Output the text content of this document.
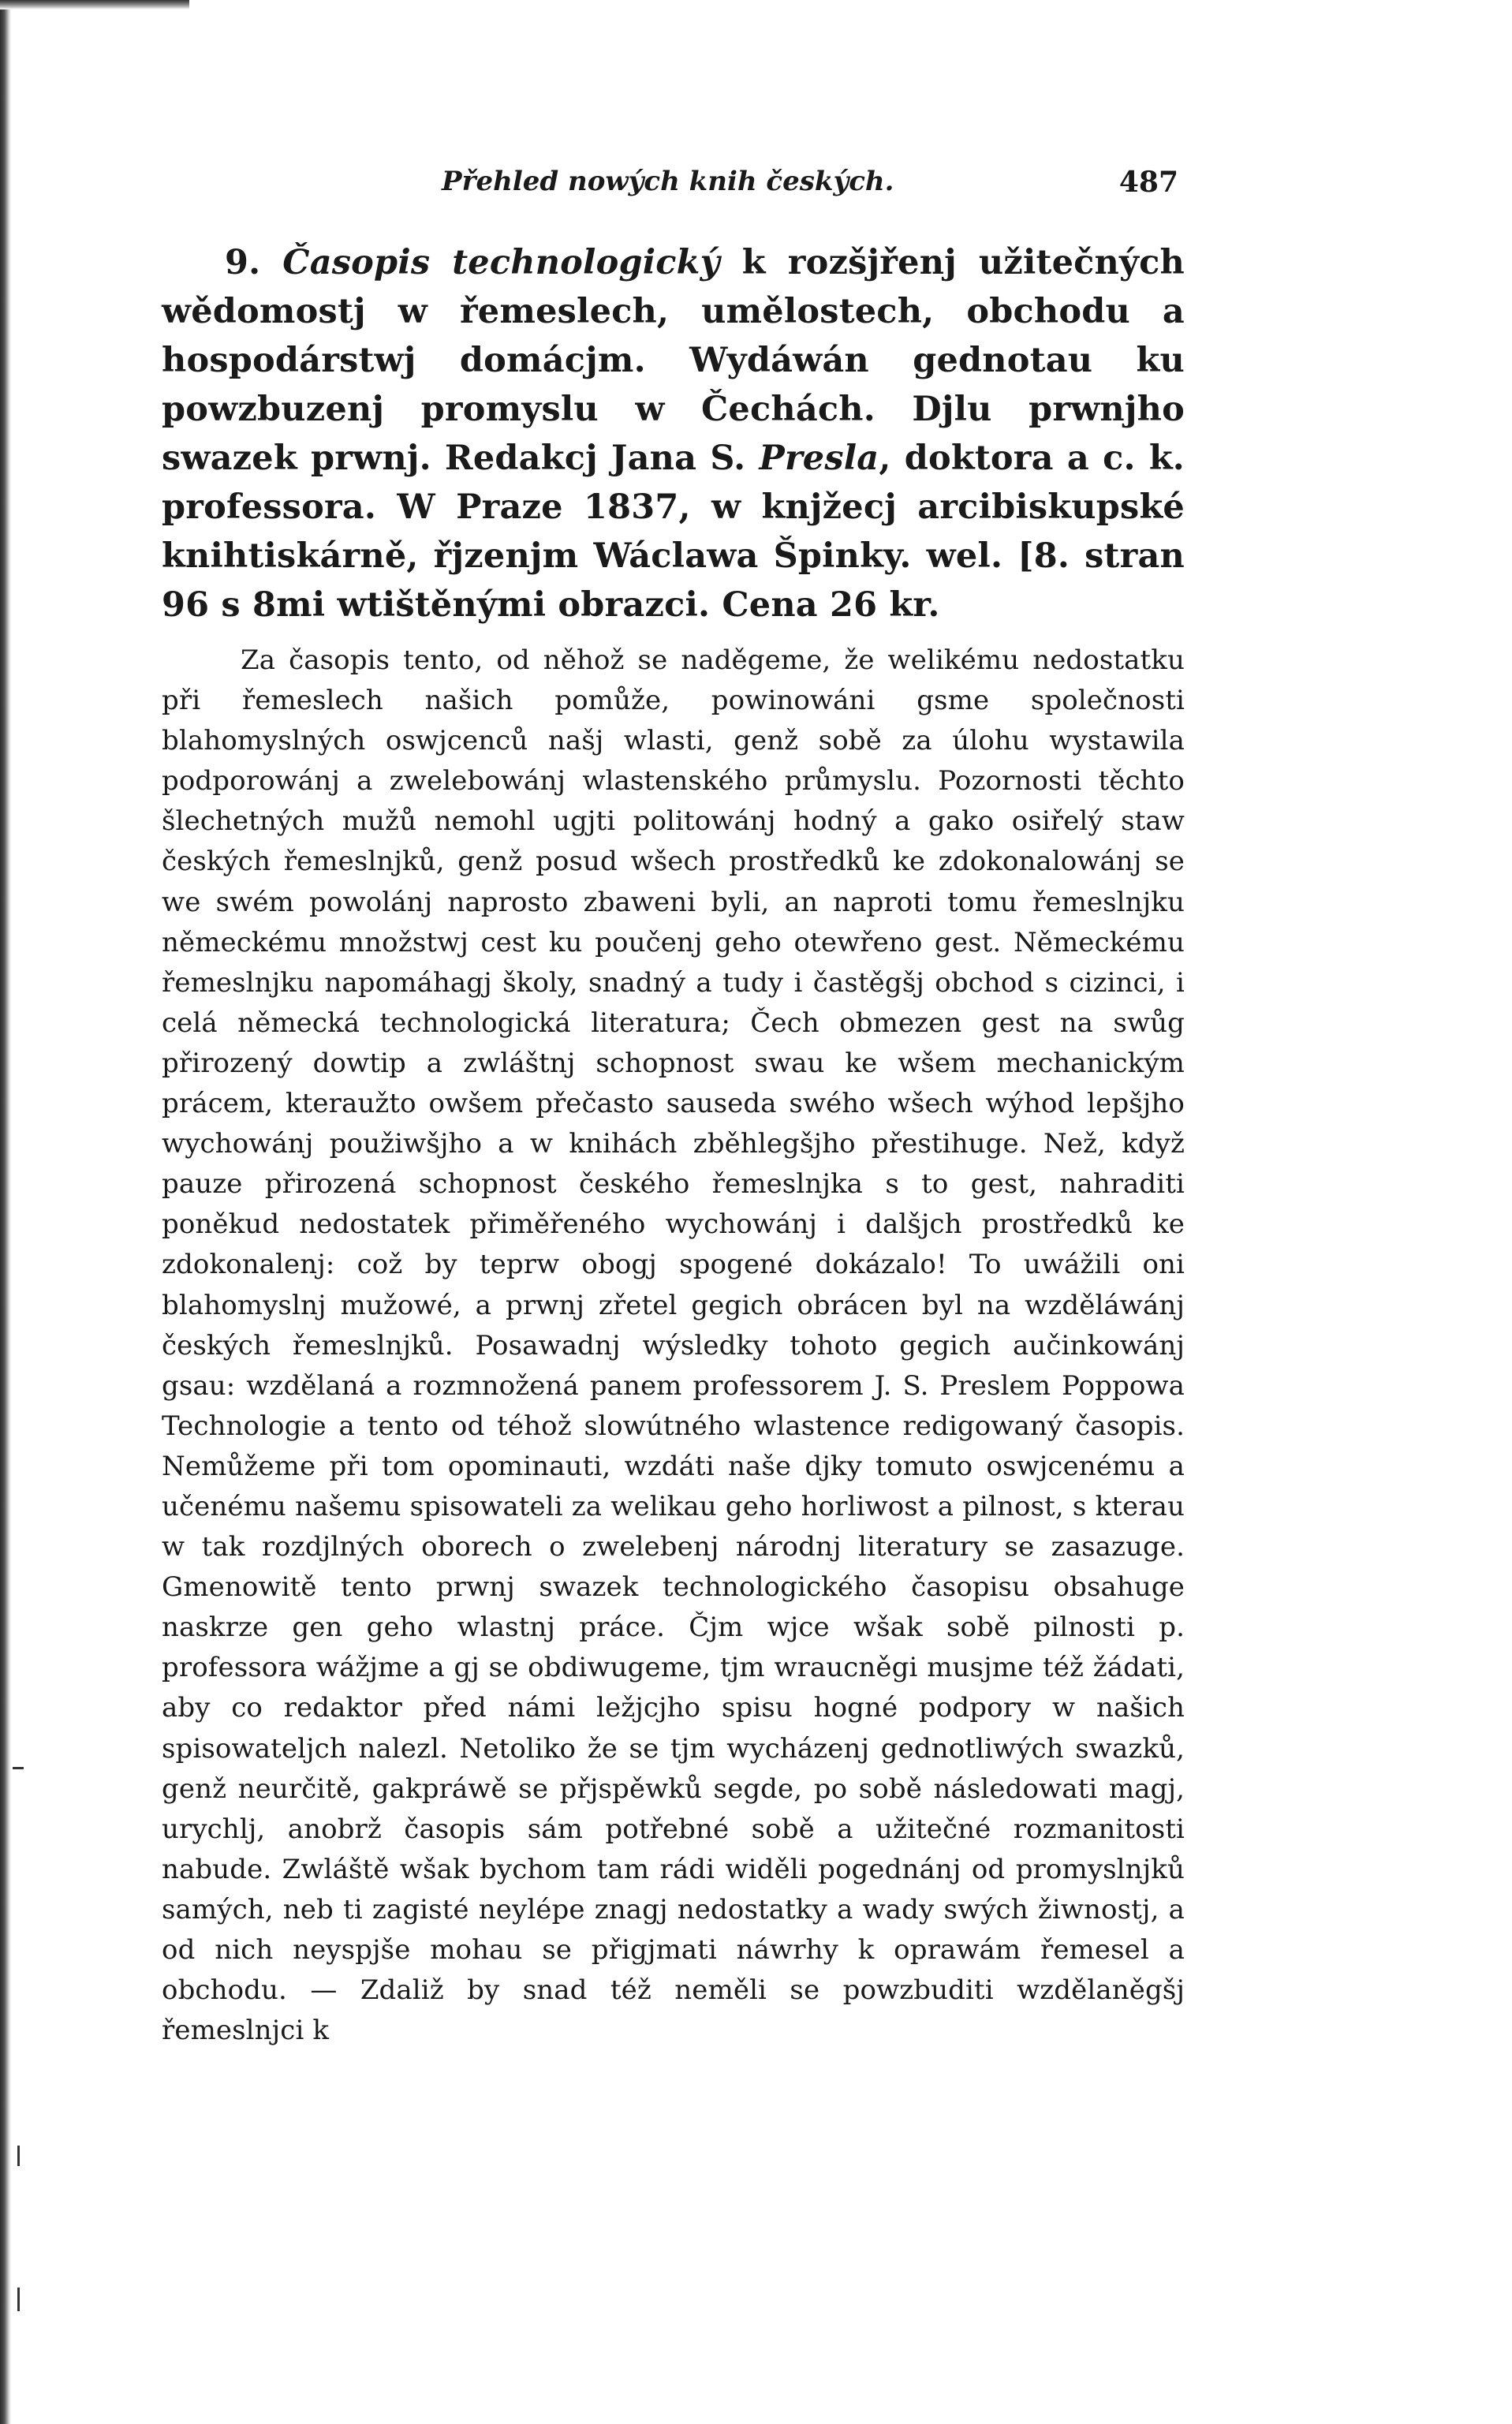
Přehled nowých knih českých.	487
9. Časopis technologický k rozšjřenj užitečných wědomostj w řemeslech, umělostech, obchodu a hospodárstwj domácjm. Wydáwán gednotau ku powzbuzenj promyslu w Čechách. Djlu prwnjho swazek prwnj. Redakcj Jana S. Presla, doktora a c. k. professora. W Praze 1837, w knjžecj arcibiskupské knihtiskárně, řjzenjm Wáclawa Špinky. wel. [8. stran 96 s 8mi wtištěnými obrazci. Cena 26 kr.

Za časopis tento, od něhož se naděgeme, že welikému nedostatku při řemeslech našich pomůže, powinowáni gsme společnosti blahomyslných oswjcenců našj wlasti, genž sobě za úlohu wystawila podporowánj a zwelebowánj wlastenského průmyslu. Pozornosti těchto šlechetných mužů nemohl ugjti politowánj hodný a gako osiřelý staw českých řemeslnjků, genž posud wšech prostředků ke zdokonalowánj se we swém powolánj naprosto zbaweni byli, an naproti tomu řemeslnjku německému množstwj cest ku poučenj geho otewřeno gest. Německému řemeslnjku napomáhagj školy, snadný a tudy i častěgšj obchod s cizinci, i celá německá technologická literatura; Čech obmezen gest na swůg přirozený dowtip a zwláštnj schopnost swau ke wšem mechanickým prácem, kteraužto owšem přečasto sauseda swého wšech wýhod lepšjho wychowánj použiwšjho a w knihách zběhlegšjho přestihuge. Než, když pauze přirozená schopnost českého řemeslnjka s to gest, nahraditi poněkud nedostatek přiměřeného wychowánj i dalšjch prostředků ke zdokonalenj: což by teprw obogj spogené dokázalo! To uwážili oni blahomyslnj mužowé, a prwnj zřetel gegich obrácen byl na wzděláwánj českých řemeslnjků. Posawadnj wýsledky tohoto gegich aučinkowánj gsau: wzdělaná a rozmnožená panem professorem J. S. Preslem Poppowa Technologie a tento od téhož slowútného wlastence redigowaný časopis. Nemůžeme při tom opominauti, wzdáti naše djky tomuto oswjcenému a učenému našemu spisowateli za welikau geho horliwost a pilnost, s kterau w tak rozdjlných oborech o zwelebenj národnj literatury se zasazuge. Gmenowitě tento prwnj swazek technologického časopisu obsahuge naskrze gen geho wlastnj práce. Čjm wjce wšak sobě pilnosti p. professora wážjme a gj se obdiwugeme, tjm wraucněgi musjme též žádati, aby co redaktor před námi ležjcjho spisu hogné podpory w našich spisowateljch nalezl. Netoliko že se tjm wycházenj gednotliwých swazků, genž neurčitě, gakpráwě se přjspěwků segde, po sobě následowati magj, urychlj, anobrž časopis sám potřebné sobě a užitečné rozmanitosti nabude. Zwláště wšak bychom tam rádi widěli pogednánj od promyslnjků samých, neb ti zagisté neylépe znagj nedostatky a wady swých žiwnostj, a od nich neyspjše mohau se přigjmati náwrhy k oprawám řemesel a obchodu. — Zdaliž by snad též neměli se powzbuditi wzdělaněgšj řemeslnjci k
